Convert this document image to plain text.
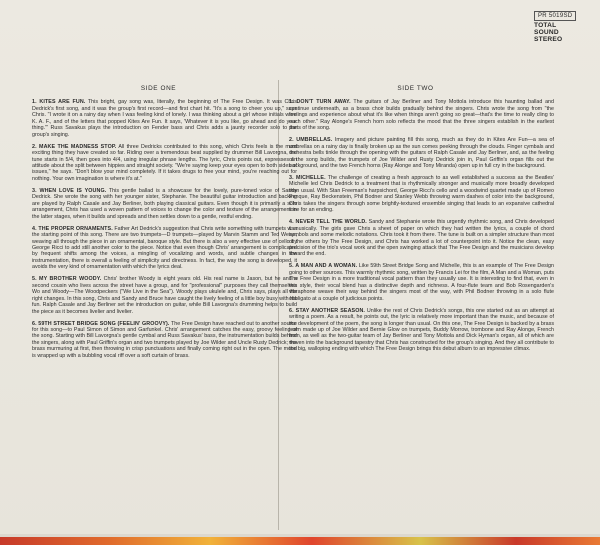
PR 5019SD
TOTAL
SOUND
STEREO
SIDE ONE

1. KITES ARE FUN. This bright, gay song was, literally, the beginning of The Free Design. It was Chris Dedrick's first song, and it was the group's first record—and first chart hit. "It's a song to cheer you up," says Chris. "I wrote it on a rainy day when I was feeling kind of lonely. I was thinking about a girl whose initials were K. A. F., and of the letters that popped Kites Are Fun. It says, 'Whatever it is you like, go ahead and do your thing.'" Russ Savakus plays the introduction on Fender bass and Chris adds a jaunty recorder solo to the group's singing.

2. MAKE THE MADNESS STOP. All three Dedricks contributed to this song, which Chris feels is the most exciting thing they have created so far. Riding over a tremendous beat supplied by drummer Bill Lavorgna, the tune starts in 5/4, then goes into 4/4, using irregular phrase lengths. The lyric, Chris points out, expresses an attitude about the split between hippies and straight society. "We're saying keep your eyes open to both sides of issues," he says. "Don't blow your mind completely. If it takes drugs to free your mind, you're reaching out for nothing. Your own imagination is where it's at."

3. WHEN LOVE IS YOUNG. This gentle ballad is a showcase for the lovely, pure-toned voice of Sandy Dedrick. She wrote the song with her younger sister, Stephanie. The beautiful guitar introduction and backing are played by Ralph Casale and Jay Berliner, both playing classical guitars. Even though it is primarily a solo arrangement, Chris has used a woven pattern of voices to change the color and texture of the arrangement in the latter stages, when it builds and spreads and then settles down to a gentle, restful ending.

4. THE PROPER ORNAMENTS. Father Art Dedrick's suggestion that Chris write something with trumpets was the starting point of this song. There are two trumpets—D trumpets—played by Marvin Stamm and Ted Weiss, weaving all through the piece in an ornamental, baroque style. But there is also a very effective use of cello by George Ricci to add still another color to the piece. Notice that even though Chris' arrangement is complicated by frequent shifts among the voices, a mingling of vocalizing and words, and subtle changes in the instrumentation, there is overall a feeling of simplicity and directness. In fact, the way the song is developed, it avoids the very kind of ornamentation with which the lyrics deal.

5. MY BROTHER WOODY. Chris' brother Woody is eight years old. His real name is Jason, but he and a second cousin who lives across the street have a group, and for "professional" purposes they call themselves Wo and Woody—The Woodpeckers ("We Live in the Sea"). Woody plays ukulele and, Chris says, plays all the right changes. In this song, Chris and Sandy and Bruce have caught the lively feeling of a little boy busy with his fun. Ralph Casale and Jay Berliner set the introduction on guitar, while Bill Lavorgna's drumming helps to build the piece as it becomes livelier and livelier.

6. 59TH STREET BRIDGE SONG (FEELIN' GROOVY). The Free Design have reached out to another source for this song—to Paul Simon of Simon and Garfunkel. Chris' arrangement catches the easy, groovy feeling of the song. Starting with Bill Lavorgna's gentle cymbal and Russ Savakus' bass, the instrumentation builds behind the singers, along with Paul Griffin's organ and two trumpets played by Joe Wilder and Uncle Rusty Dedrick; the brass murmuring at first, then throwing in crisp punctuations and finally coming right out in the open. The mood is wrapped up with a bubbling vocal riff over a soft curtain of brass.

SIDE TWO

1. DON'T TURN AWAY. The guitars of Jay Berliner and Tony Mottola introduce this haunting ballad and continue underneath, as a brass choir builds gradually behind the singers. Chris wrote the song from "the feelings and experience about what it's like when things aren't going so great—that's the time to really cling to each other." Ray Alonge's French horn solo reflects the mood that the three singers establish in the earliest parts of the song.

2. UMBRELLAS. Imagery and picture painting fill this song, much as they do in Kites Are Fun—a sea of umbrellas on a rainy day is finally broken up as the sun comes peeking through the clouds. Finger cymbals and orchestra bells tinkle through the opening with the guitars of Ralph Casale and Jay Berliner, and, as the feeling of the song builds, the trumpets of Joe Wilder and Rusty Dedrick join in, Paul Griffin's organ fills out the background, and the two French horns (Ray Alonge and Tony Miranda) open up in full cry in the background.

3. MICHELLE. The challenge of creating a fresh approach to as well established a success as the Beatles' Michelle led Chris Dedrick to a treatment that is rhythmically stronger and musically more broadly developed than usual. With Stan Freeman's harpsichord, George Ricci's cello and a woodwind quartet made up of Romeo Penque, Ray Beckenstein, Phil Bodner and Stanley Webb throwing warm dashes of color into the background, Chris takes the singers through some brightly-textured ensemble singing that leads to an expansive cathedral tone for an ending.

4. NEVER TELL THE WORLD. Sandy and Stephanie wrote this urgently rhythmic song, and Chris developed it musically. The girls gave Chris a sheet of paper on which they had written the lyrics, a couple of chord symbols and some melodic notations. Chris took it from there. The tune is built on a simpler structure than most of the others by The Free Design, and Chris has worked a lot of counterpoint into it. Notice the clean, easy precision of the trio's vocal work and the open swinging attack that The Free Design and the musicians develop toward the end.

5. A MAN AND A WOMAN. Like 59th Street Bridge Song and Michelle, this is an example of The Free Design going to other sources. This warmly rhythmic song, written by Francis Lei for the film, A Man and a Woman, puts The Free Design in a more traditional vocal pattern than they usually use. It is interesting to find that, even in this style, their vocal blend has a distinctive depth and richness. A four-flute team and Bob Rosengarden's vibraphone weave their way behind the singers most of the way, with Phil Bodner throwing in a solo flute obbligato at a couple of judicious points.

6. STAY ANOTHER SEASON. Unlike the rest of Chris Dedrick's songs, this one started out as an attempt at writing a poem. As a result, he points out, the lyric is relatively more important than the music, and because of the development of the poem, the song is longer than usual. On this one, The Free Design is backed by a brass team made up of Joe Wilder and Bernie Glow on trumpets, Buddy Morrow, trombone and Ray Alonge, French horn, as well as the two-guitar team of Jay Berliner and Tony Mottola and Dick Hyman's organ, all of which are woven into the background tapestry that Chris has constructed for the group's singing. And they all contribute to the big, walloping ending with which The Free Design brings this debut album to an impressive climax.
